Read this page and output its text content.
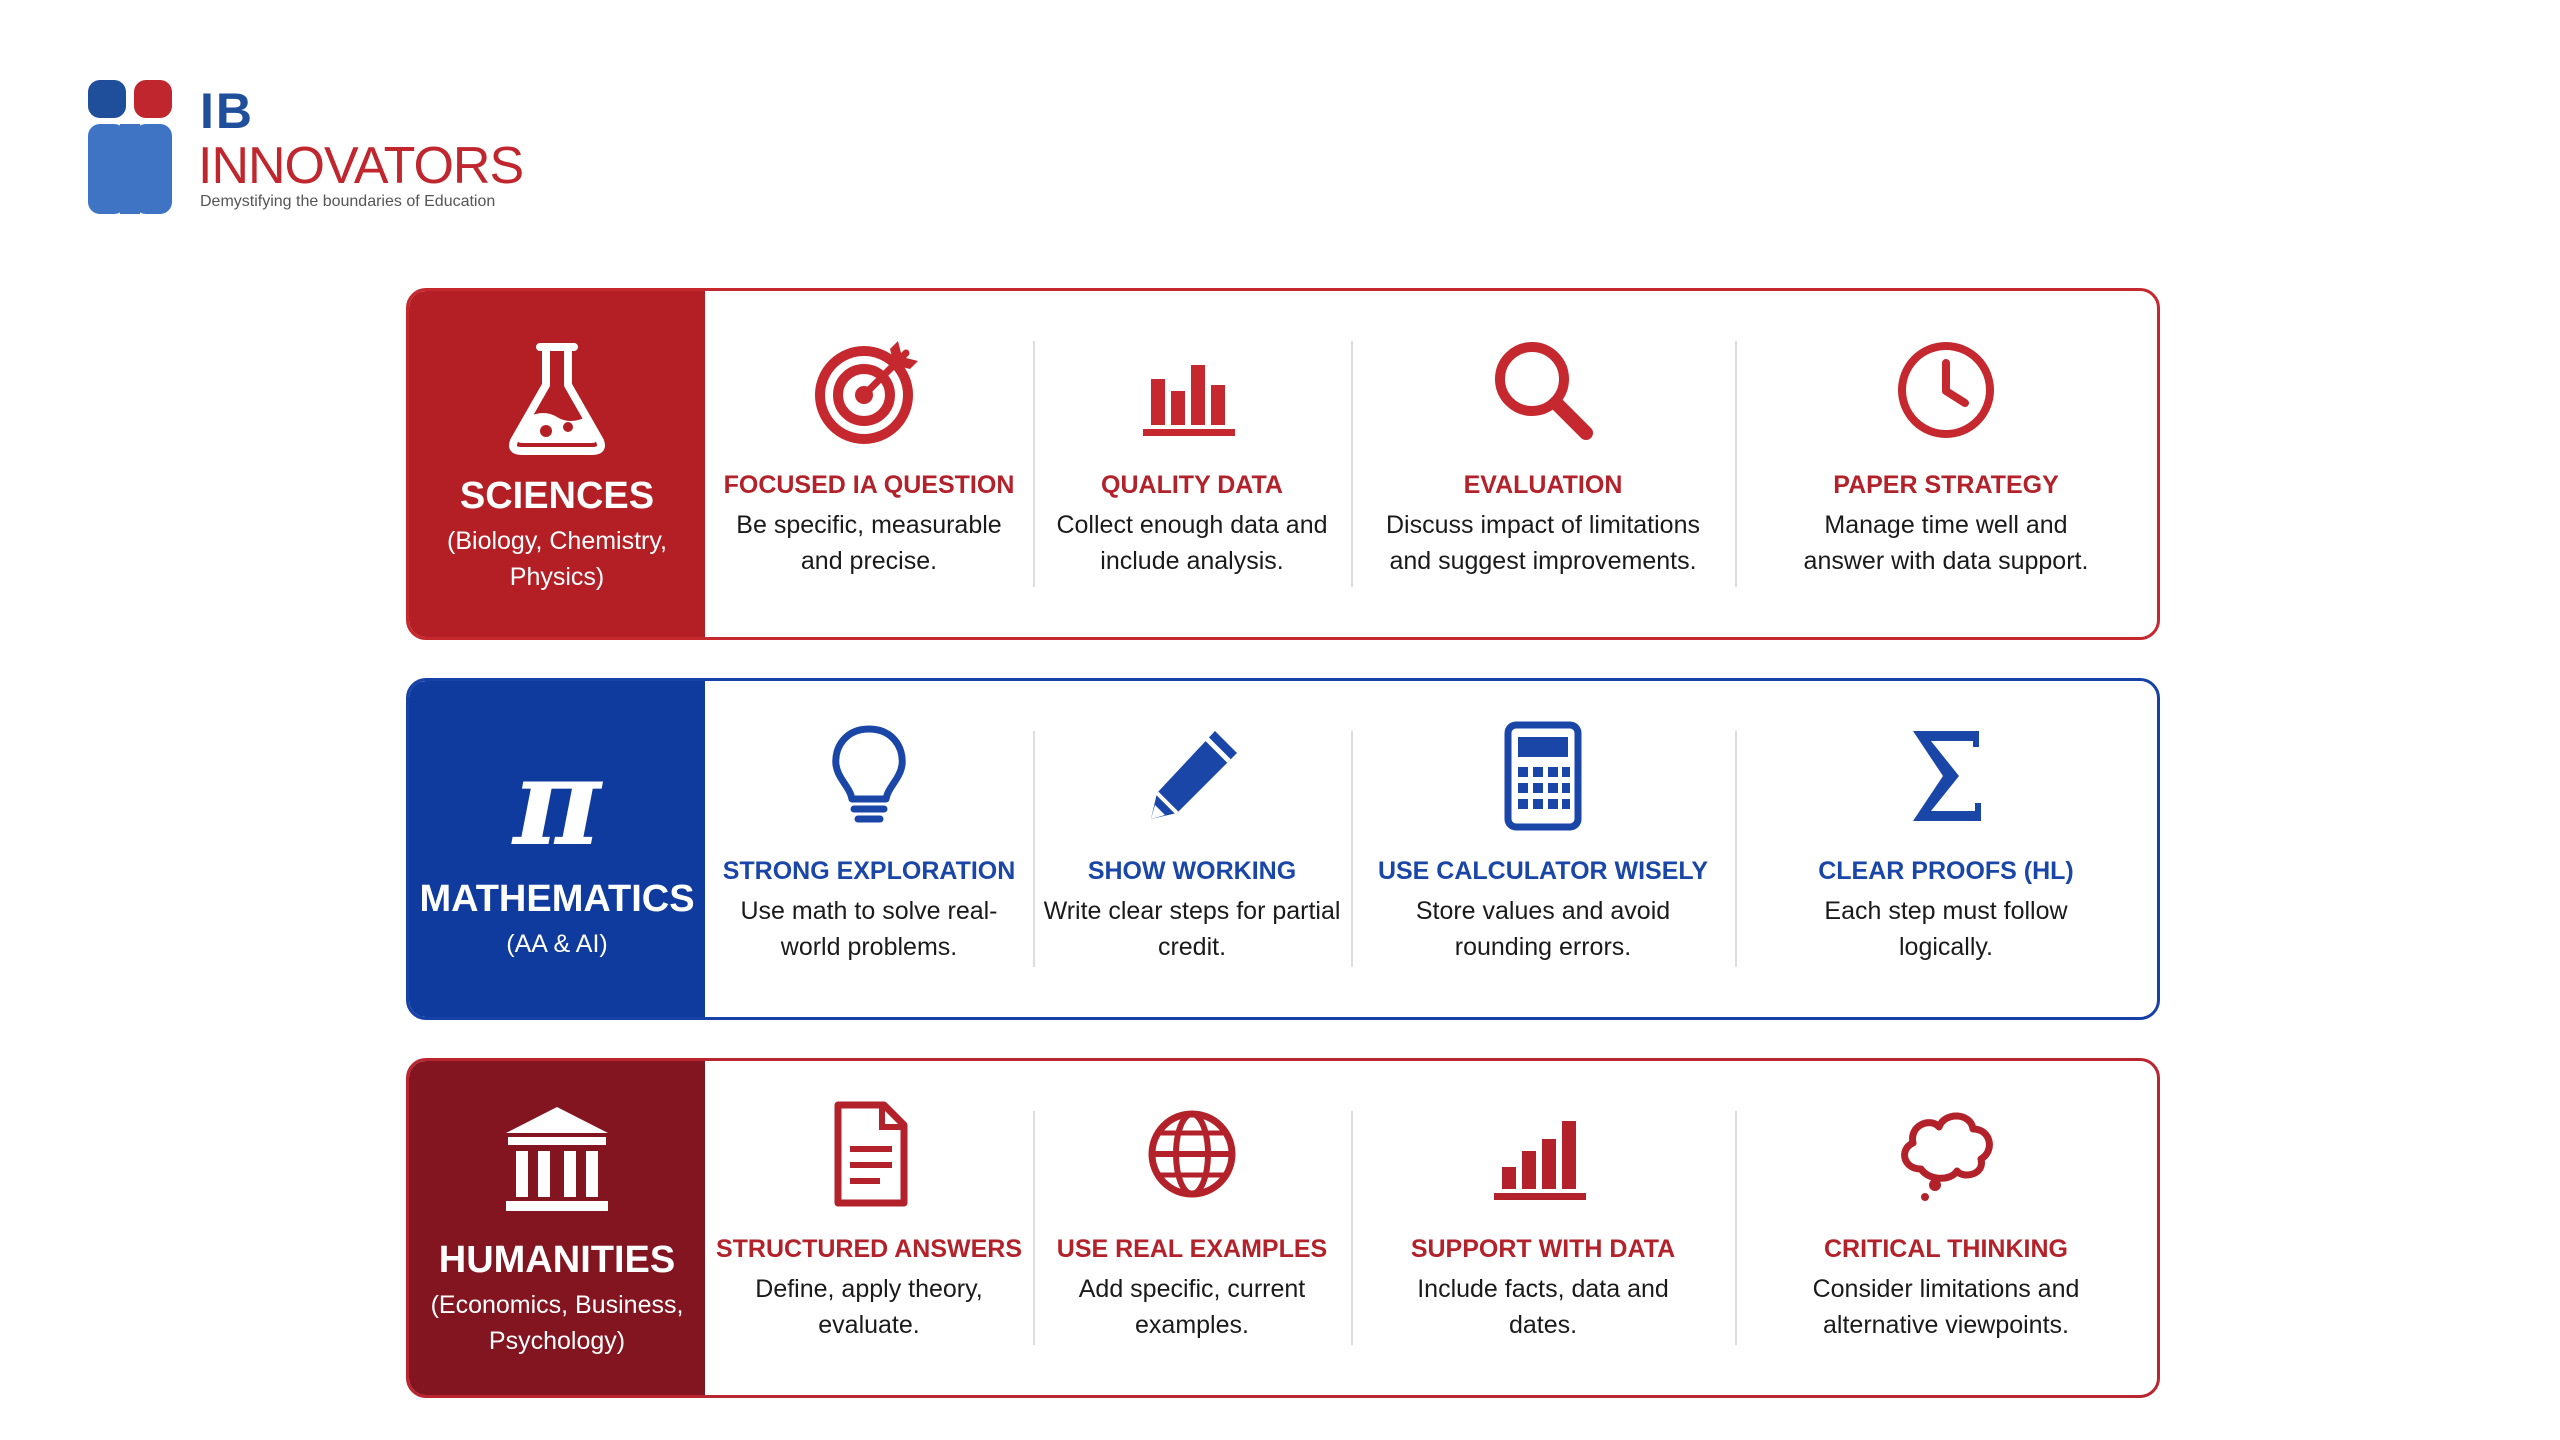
IB
INNOVATORS
Demystifying the boundaries of Education
SCIENCES
(Biology, Chemistry, Physics)
FOCUSED IA QUESTION
Be specific, measurable and precise.
QUALITY DATA
Collect enough data and include analysis.
EVALUATION
Discuss impact of limitations and suggest improvements.
PAPER STRATEGY
Manage time well and answer with data support.
π
MATHEMATICS
(AA & AI)
STRONG EXPLORATION
Use math to solve real-world problems.
SHOW WORKING
Write clear steps for partial credit.
USE CALCULATOR WISELY
Store values and avoid rounding errors.
CLEAR PROOFS (HL)
Each step must follow logically.
HUMANITIES
(Economics, Business, Psychology)
STRUCTURED ANSWERS
Define, apply theory, evaluate.
USE REAL EXAMPLES
Add specific, current examples.
SUPPORT WITH DATA
Include facts, data and dates.
CRITICAL THINKING
Consider limitations and alternative viewpoints.
